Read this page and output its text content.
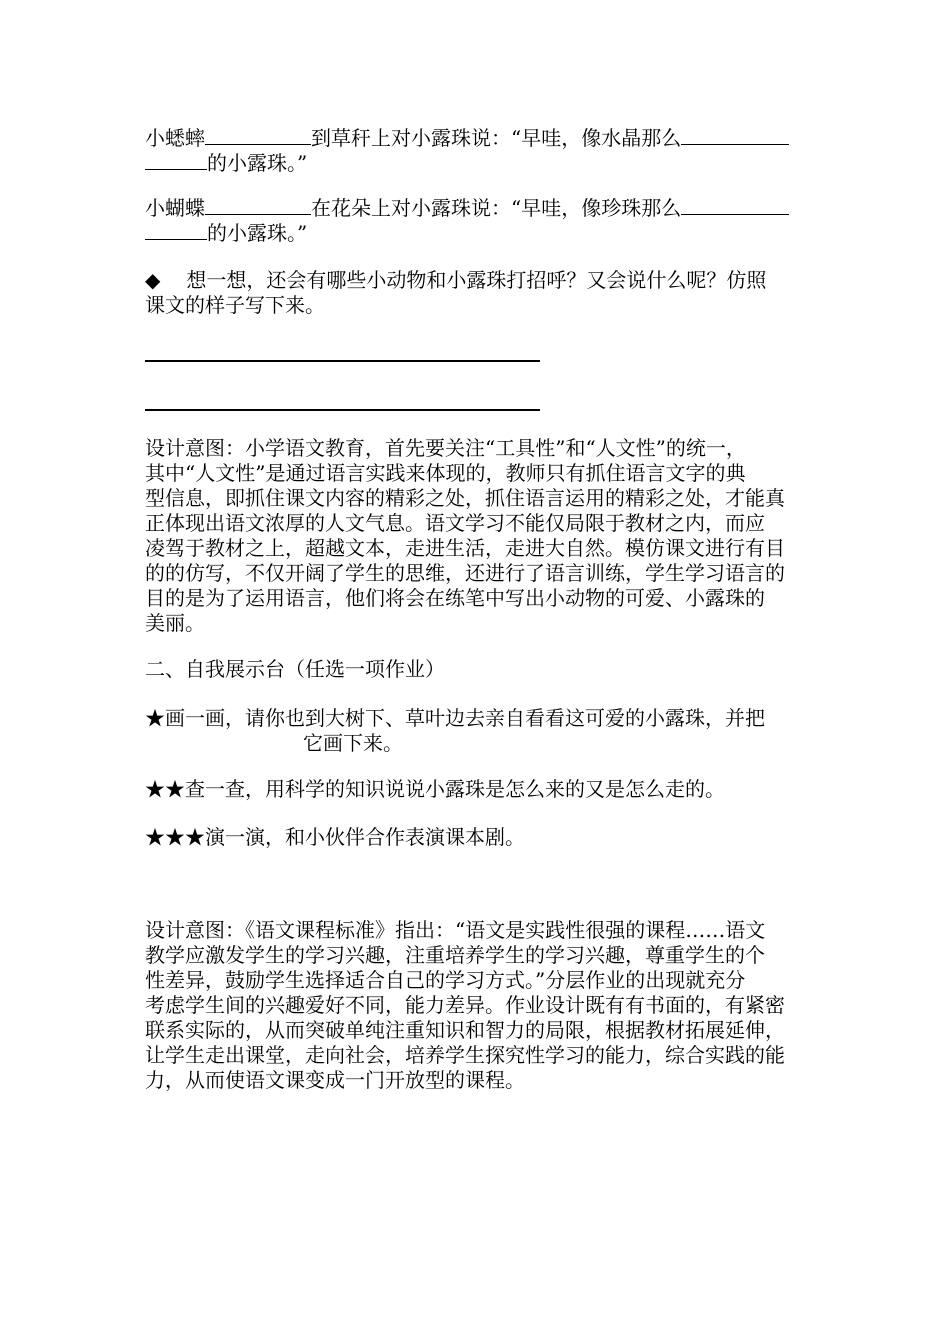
小蟋蟀	到草秆上对小露珠说：“早哇，像水晶那么

的小露珠。”

小蝴蝶	在花朵上对小露珠说：“早哇，像珍珠那么

的小露珠。”

◆ 想一想，还会有哪些小动物和小露珠打招呼？又会说什么呢？仿照

课文的样子写下来。

设计意图：小学语文教育，首先要关注“工具性”和“人文性”的统一，

其中“人文性”是通过语言实践来体现的，教师只有抓住语言文字的典

型信息，即抓住课文内容的精彩之处，抓住语言运用的精彩之处，才能真

正体现出语文浓厚的人文气息。语文学习不能仅局限于教材之内，而应

凌驾于教材之上，超越文本，走进生活，走进大自然。模仿课文进行有目

的的仿写，不仅开阔了学生的思维，还进行了语言训练，学生学习语言的

目的是为了运用语言，他们将会在练笔中写出小动物的可爱、小露珠的

美丽。

二、自我展示台（任选一项作业）

★画一画，请你也到大树下、草叶边去亲自看看这可爱的小露珠，并把

它画下来。

★★查一查，用科学的知识说说小露珠是怎么来的又是怎么走的。

★★★演一演，和小伙伴合作表演课本剧。

设计意图：《语文课程标准》指出：“语文是实践性很强的课程……语文

教学应激发学生的学习兴趣，注重培养学生的学习兴趣，尊重学生的个

性差异，鼓励学生选择适合自己的学习方式。”分层作业的出现就充分

考虑学生间的兴趣爱好不同，能力差异。作业设计既有有书面的，有紧密

联系实际的，从而突破单纯注重知识和智力的局限，根据教材拓展延伸，

让学生走出课堂，走向社会，培养学生探究性学习的能力，综合实践的能

力，从而使语文课变成一门开放型的课程。
